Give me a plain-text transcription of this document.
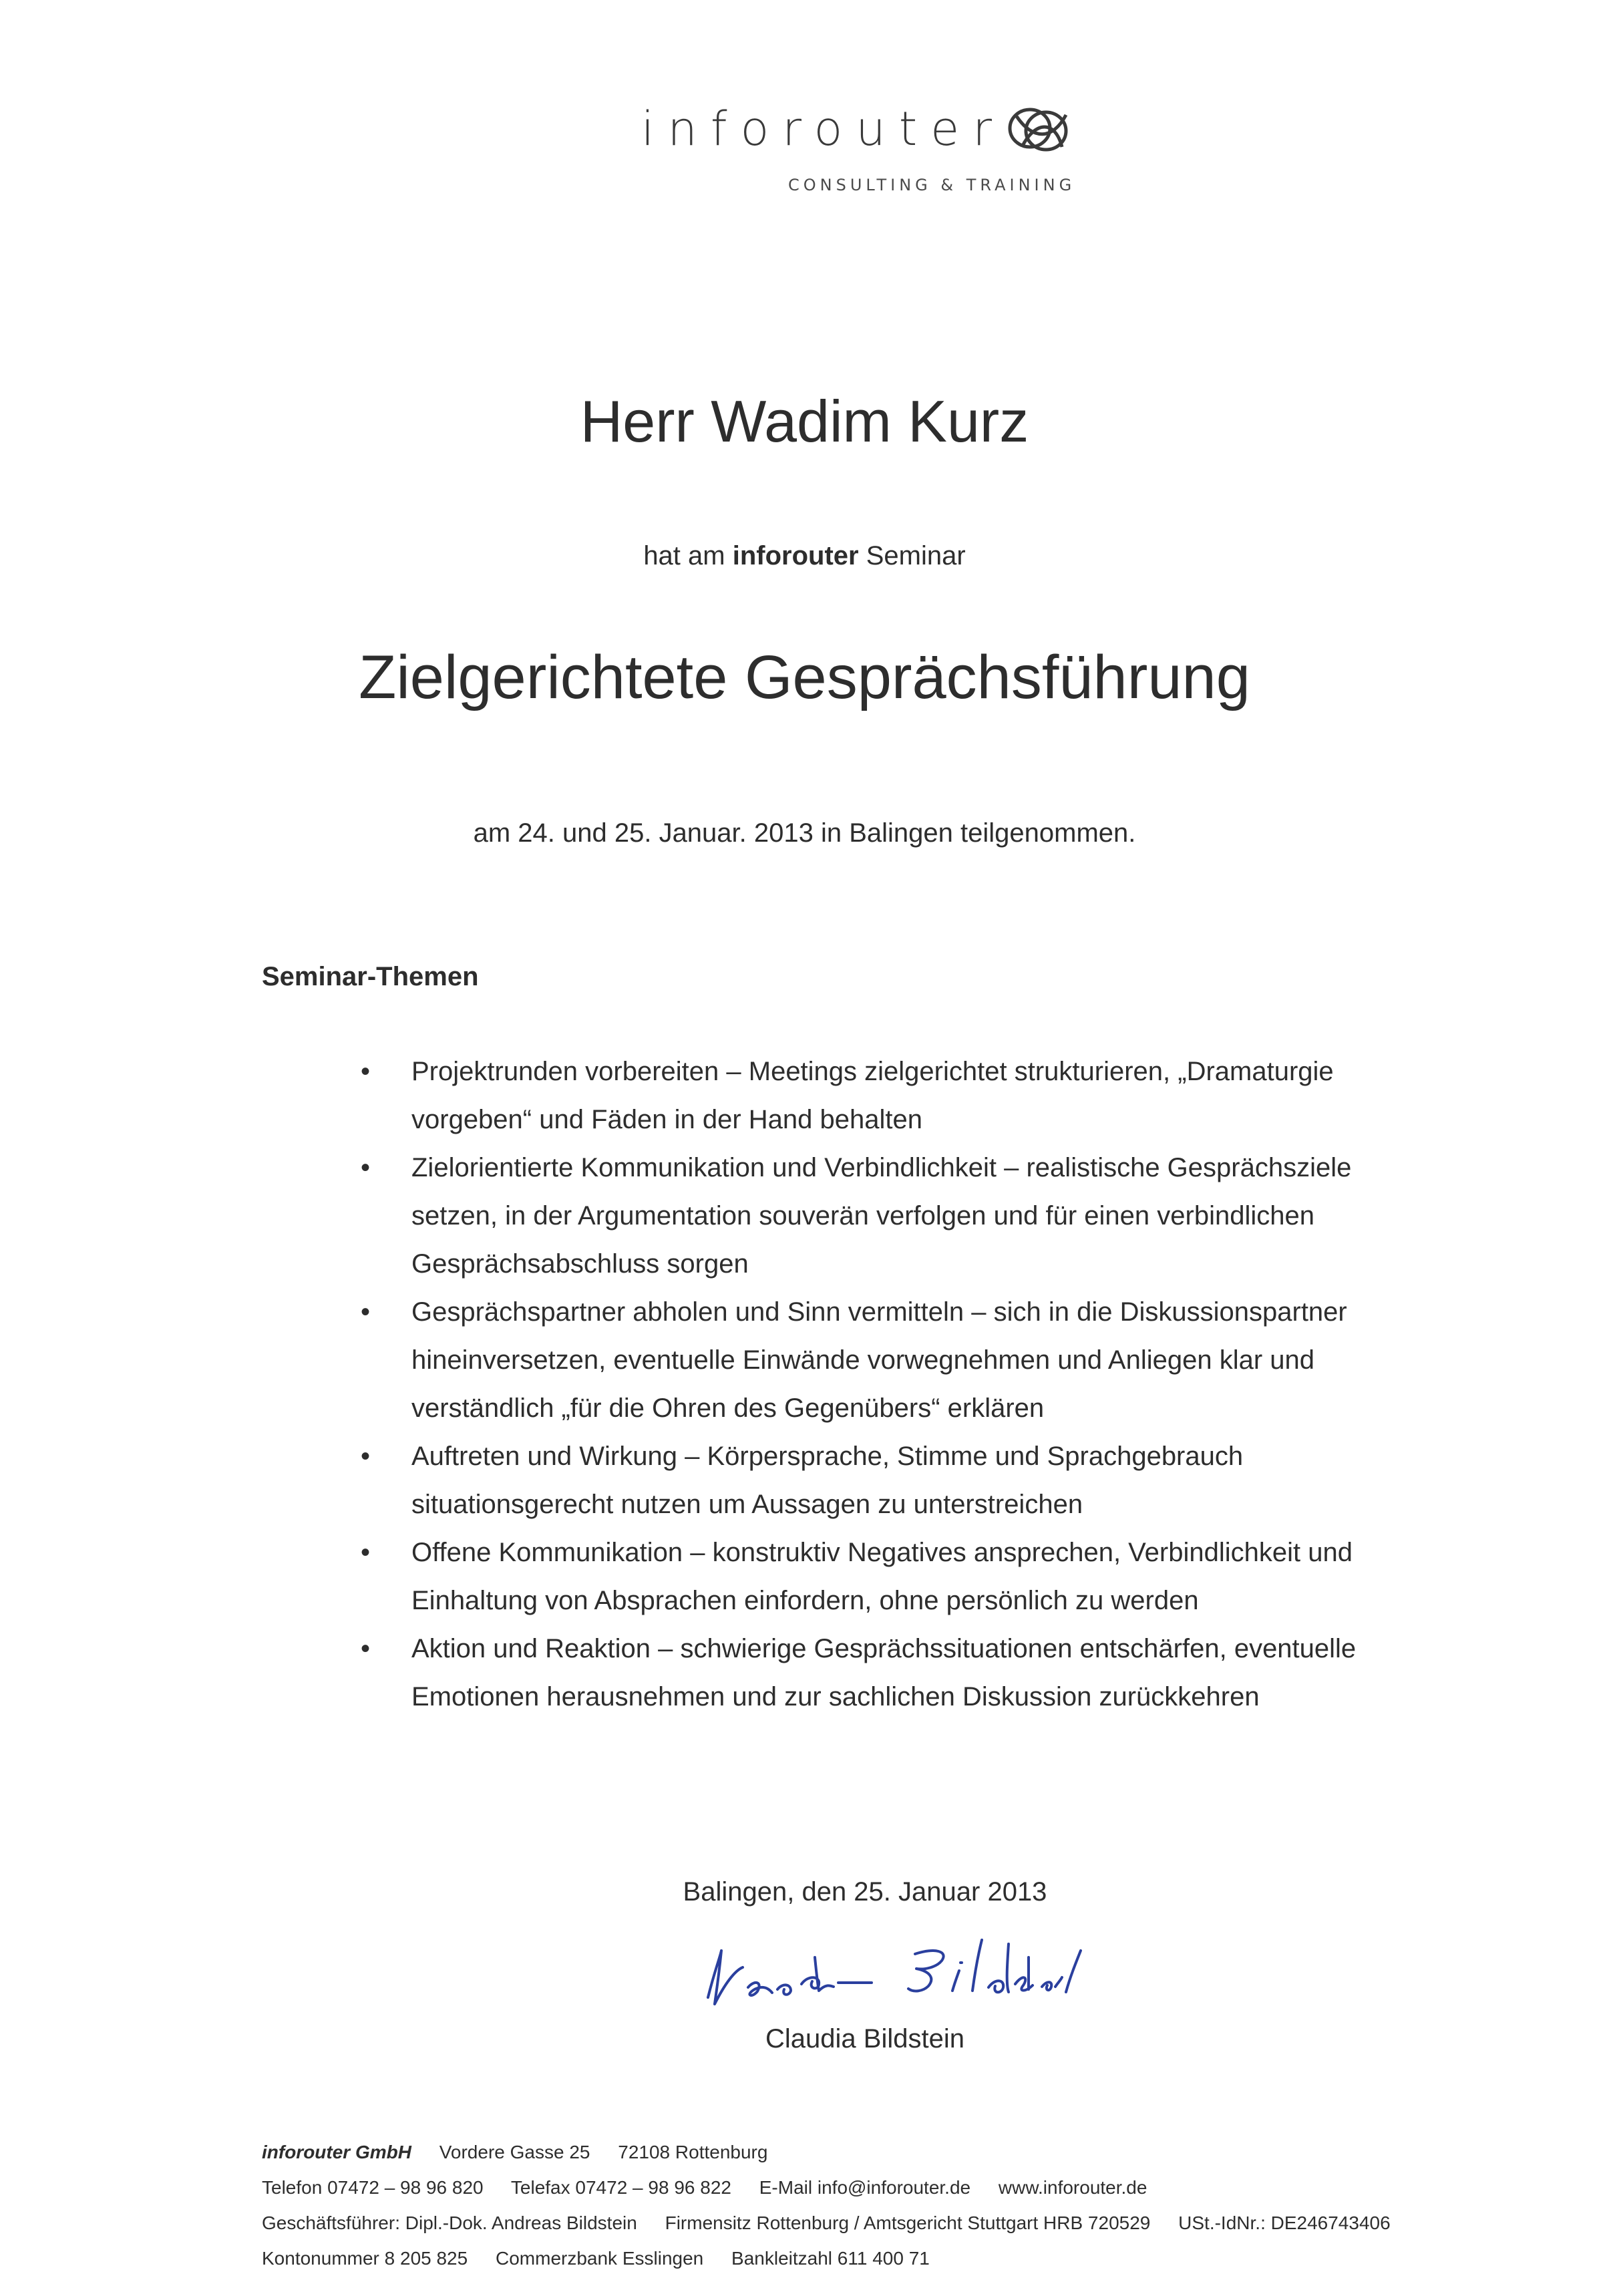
inforouter
CONSULTING & TRAINING
Herr Wadim Kurz
hat am inforouter Seminar
Zielgerichtete Gesprächsführung
am 24. und 25. Januar. 2013 in Balingen teilgenommen.
Seminar-Themen
• Projektrunden vorbereiten – Meetings zielgerichtet strukturieren, „Dramaturgie
vorgeben“ und Fäden in der Hand behalten
• Zielorientierte Kommunikation und Verbindlichkeit – realistische Gesprächsziele
setzen, in der Argumentation souverän verfolgen und für einen verbindlichen
Gesprächsabschluss sorgen
• Gesprächspartner abholen und Sinn vermitteln – sich in die Diskussionspartner
hineinversetzen, eventuelle Einwände vorwegnehmen und Anliegen klar und
verständlich „für die Ohren des Gegenübers“ erklären
• Auftreten und Wirkung – Körpersprache, Stimme und Sprachgebrauch
situationsgerecht nutzen um Aussagen zu unterstreichen
• Offene Kommunikation – konstruktiv Negatives ansprechen, Verbindlichkeit und
Einhaltung von Absprachen einfordern, ohne persönlich zu werden
• Aktion und Reaktion – schwierige Gesprächssituationen entschärfen, eventuelle
Emotionen herausnehmen und zur sachlichen Diskussion zurückkehren
Balingen, den 25. Januar 2013
Claudia Bildstein
inforouter GmbH Vordere Gasse 25 72108 Rottenburg
Telefon 07472 – 98 96 820 Telefax 07472 – 98 96 822 E-Mail info@inforouter.de www.inforouter.de
Geschäftsführer: Dipl.-Dok. Andreas Bildstein Firmensitz Rottenburg / Amtsgericht Stuttgart HRB 720529 USt.-IdNr.: DE246743406
Kontonummer 8 205 825 Commerzbank Esslingen Bankleitzahl 611 400 71
